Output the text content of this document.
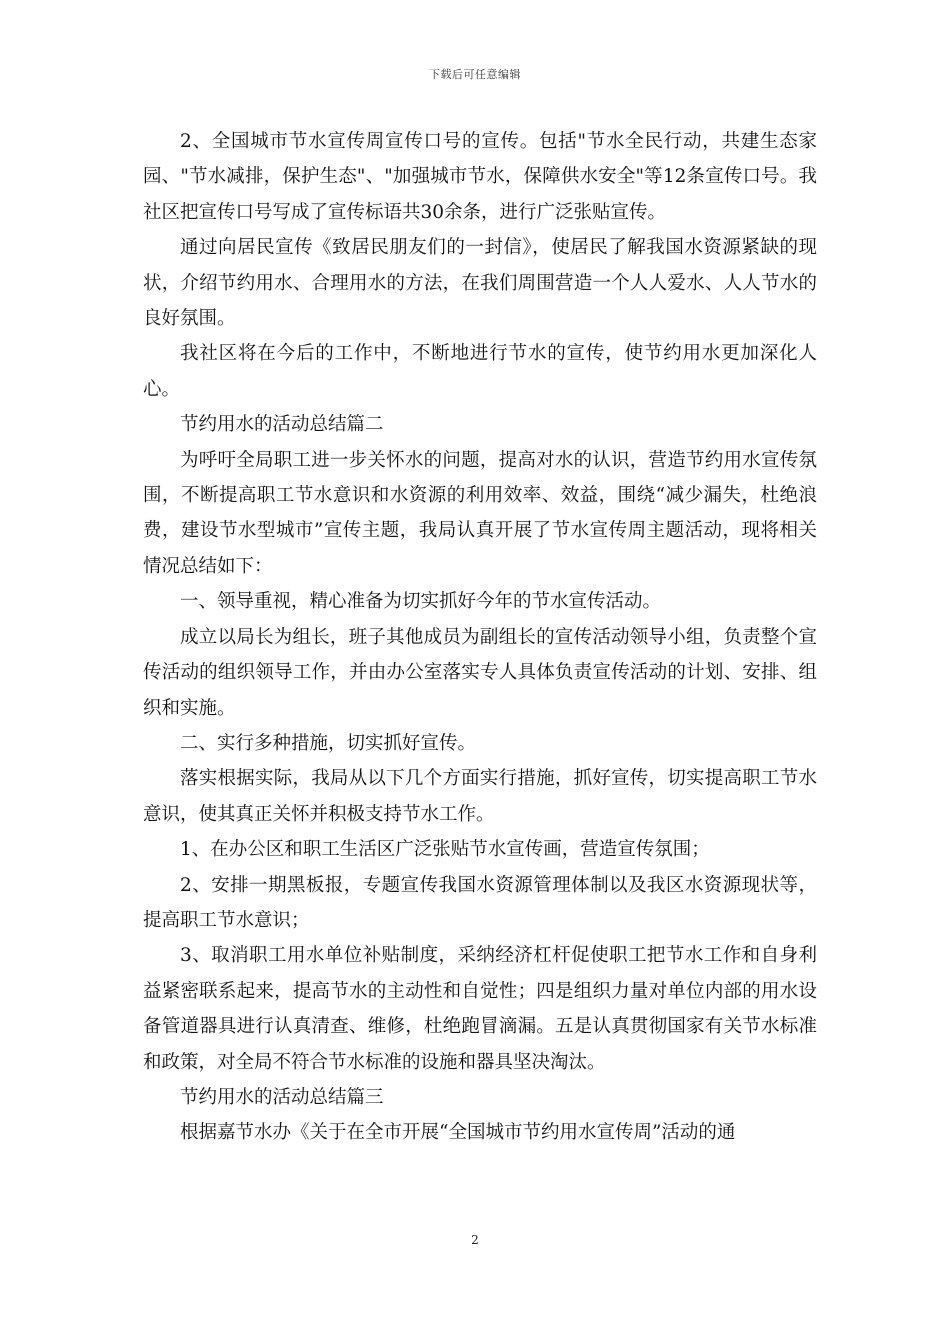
下载后可任意编辑

2、全国城市节水宣传周宣传口号的宣传。包括"节水全民行动，共建生态家园、"节水减排，保护生态"、"加强城市节水，保障供水安全"等12条宣传口号。我社区把宣传口号写成了宣传标语共30余条，进行广泛张贴宣传。

通过向居民宣传《致居民朋友们的一封信》，使居民了解我国水资源紧缺的现状，介绍节约用水、合理用水的方法，在我们周围营造一个人人爱水、人人节水的良好氛围。

我社区将在今后的工作中，不断地进行节水的宣传，使节约用水更加深化人心。

节约用水的活动总结篇二

为呼吁全局职工进一步关怀水的问题，提高对水的认识，营造节约用水宣传氛围，不断提高职工节水意识和水资源的利用效率、效益，围绕“减少漏失，杜绝浪费，建设节水型城市”宣传主题，我局认真开展了节水宣传周主题活动，现将相关情况总结如下：

一、领导重视，精心准备为切实抓好今年的节水宣传活动。

成立以局长为组长，班子其他成员为副组长的宣传活动领导小组，负责整个宣传活动的组织领导工作，并由办公室落实专人具体负责宣传活动的计划、安排、组织和实施。

二、实行多种措施，切实抓好宣传。

落实根据实际，我局从以下几个方面实行措施，抓好宣传，切实提高职工节水意识，使其真正关怀并积极支持节水工作。

1、在办公区和职工生活区广泛张贴节水宣传画，营造宣传氛围；

2、安排一期黑板报，专题宣传我国水资源管理体制以及我区水资源现状等，提高职工节水意识；

3、取消职工用水单位补贴制度，采纳经济杠杆促使职工把节水工作和自身利益紧密联系起来，提高节水的主动性和自觉性；四是组织力量对单位内部的用水设备管道器具进行认真清查、维修，杜绝跑冒滴漏。五是认真贯彻国家有关节水标准和政策，对全局不符合节水标准的设施和器具坚决淘汰。

节约用水的活动总结篇三

根据嘉节水办《关于在全市开展“全国城市节约用水宣传周”活动的通

2
